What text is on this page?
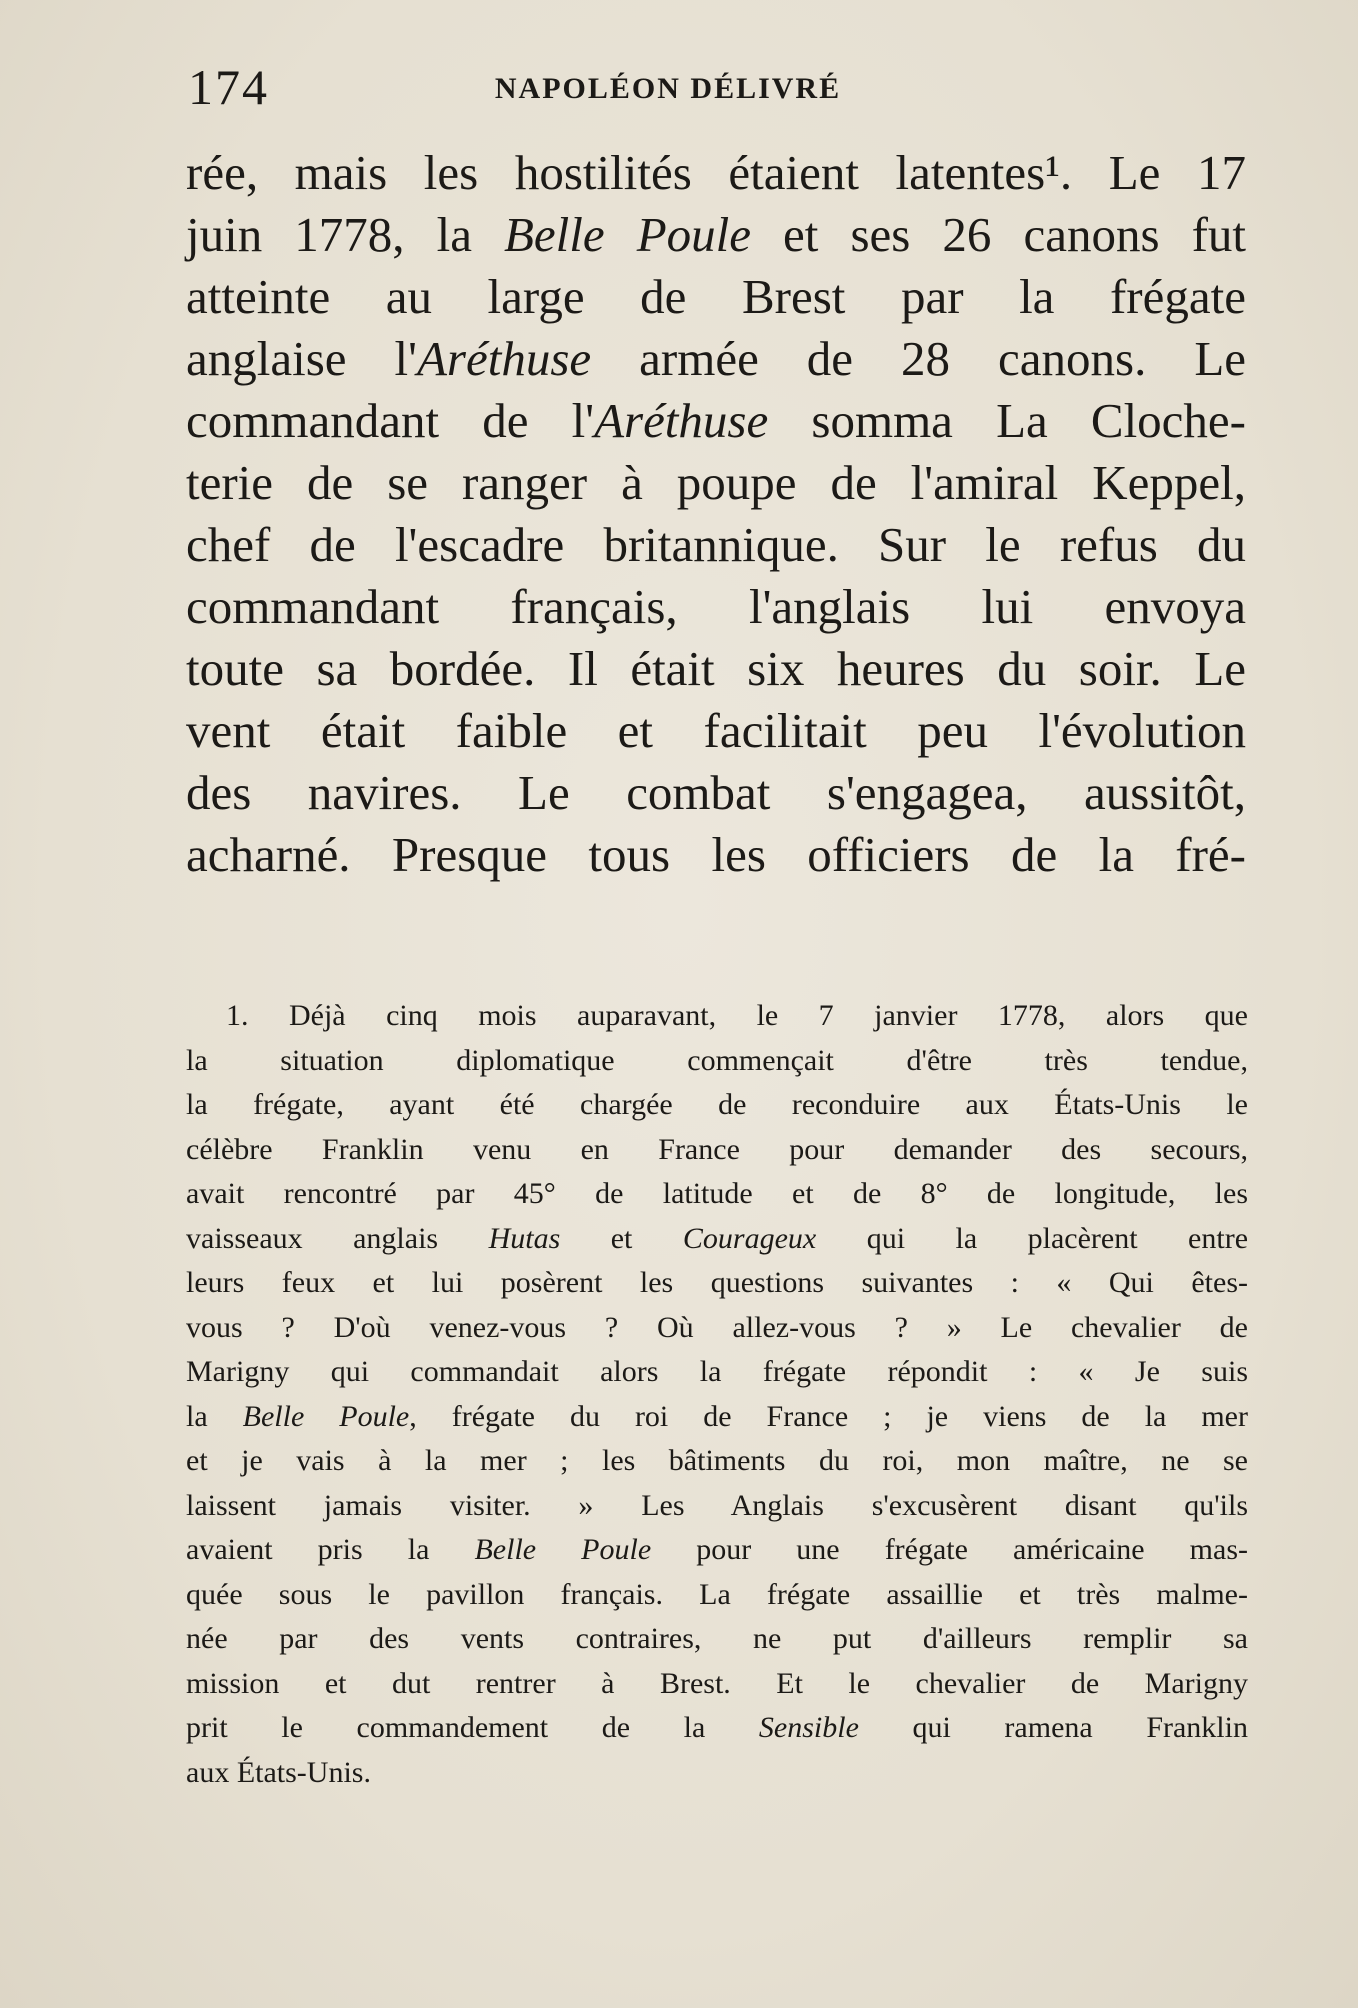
174	NAPOLÉON DÉLIVRÉ
rée, mais les hostilités étaient latentes¹. Le 17
juin 1778, la Belle Poule et ses 26 canons fut
atteinte au large de Brest par la frégate
anglaise l'Aréthuse armée de 28 canons. Le
commandant de l'Aréthuse somma La Cloche-
terie de se ranger à poupe de l'amiral Keppel,
chef de l'escadre britannique. Sur le refus du
commandant français, l'anglais lui envoya
toute sa bordée. Il était six heures du soir. Le
vent était faible et facilitait peu l'évolution
des navires. Le combat s'engagea, aussitôt,
acharné. Presque tous les officiers de la fré-
1. Déjà cinq mois auparavant, le 7 janvier 1778, alors que
la situation diplomatique commençait d'être très tendue,
la frégate, ayant été chargée de reconduire aux États-Unis le
célèbre Franklin venu en France pour demander des secours,
avait rencontré par 45° de latitude et de 8° de longitude, les
vaisseaux anglais Hutas et Courageux qui la placèrent entre
leurs feux et lui posèrent les questions suivantes : « Qui êtes-
vous ? D'où venez-vous ? Où allez-vous ? » Le chevalier de
Marigny qui commandait alors la frégate répondit : « Je suis
la Belle Poule, frégate du roi de France ; je viens de la mer
et je vais à la mer ; les bâtiments du roi, mon maître, ne se
laissent jamais visiter. » Les Anglais s'excusèrent disant qu'ils
avaient pris la Belle Poule pour une frégate américaine mas-
quée sous le pavillon français. La frégate assaillie et très malme-
née par des vents contraires, ne put d'ailleurs remplir sa
mission et dut rentrer à Brest. Et le chevalier de Marigny
prit le commandement de la Sensible qui ramena Franklin
aux États-Unis.
